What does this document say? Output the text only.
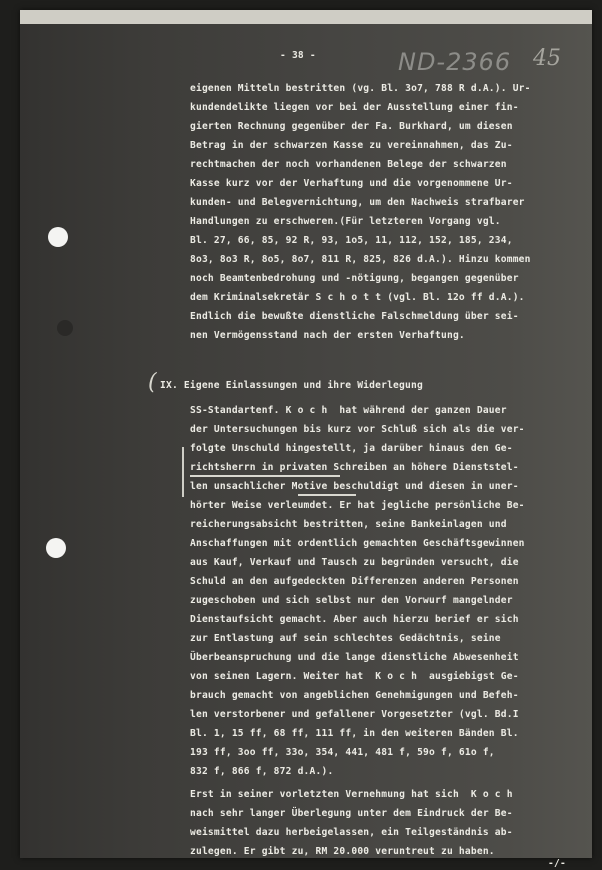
- 38 -	ND-2366 45
eigenen Mitteln bestritten (vg. Bl. 3o7, 788 R d.A.). Ur-
kundendelikte liegen vor bei der Ausstellung einer fin-
gierten Rechnung gegenüber der Fa. Burkhard, um diesen
Betrag in der schwarzen Kasse zu vereinnahmen, das Zu-
rechtmachen der noch vorhandenen Belege der schwarzen
Kasse kurz vor der Verhaftung und die vorgenommene Ur-
kunden- und Belegvernichtung, um den Nachweis strafbarer
Handlungen zu erschweren.(Für letzteren Vorgang vgl.
Bl. 27, 66, 85, 92 R, 93, 1o5, 11, 112, 152, 185, 234,
8o3, 8o3 R, 8o5, 8o7, 811 R, 825, 826 d.A.). Hinzu kommen
noch Beamtenbedrohung und -nötigung, begangen gegenüber
dem Kriminalsekretär S c h o t t (vgl. Bl. 12o ff d.A.).
Endlich die bewußte dienstliche Falschmeldung über sei-
nen Vermögensstand nach der ersten Verhaftung.
( IX. Eigene Einlassungen und ihre Widerlegung
SS-Standartenf. K o c h  hat während der ganzen Dauer
der Untersuchungen bis kurz vor Schluß sich als die ver-
folgte Unschuld hingestellt, ja darüber hinaus den Ge-
richtsherrn in privaten Schreiben an höhere Dienststel-
len unsachlicher Motive beschuldigt und diesen in uner-
hörter Weise verleumdet. Er hat jegliche persönliche Be-
reicherungsabsicht bestritten, seine Bankeinlagen und
Anschaffungen mit ordentlich gemachten Geschäftsgewinnen
aus Kauf, Verkauf und Tausch zu begründen versucht, die
Schuld an den aufgedeckten Differenzen anderen Personen
zugeschoben und sich selbst nur den Vorwurf mangelnder
Dienstaufsicht gemacht. Aber auch hierzu berief er sich
zur Entlastung auf sein schlechtes Gedächtnis, seine
Überbeanspruchung und die lange dienstliche Abwesenheit
von seinen Lagern. Weiter hat  K o c h  ausgiebigst Ge-
brauch gemacht von angeblichen Genehmigungen und Befeh-
len verstorbener und gefallener Vorgesetzter (vgl. Bd.I
Bl. 1, 15 ff, 68 ff, 111 ff, in den weiteren Bänden Bl.
193 ff, 3oo ff, 33o, 354, 441, 481 f, 59o f, 61o f,
832 f, 866 f, 872 d.A.).
Erst in seiner vorletzten Vernehmung hat sich  K o c h
nach sehr langer Überlegung unter dem Eindruck der Be-
weismittel dazu herbeigelassen, ein Teilgeständnis ab-
zulegen. Er gibt zu, RM 20.000 veruntreut zu haben.
-/-
